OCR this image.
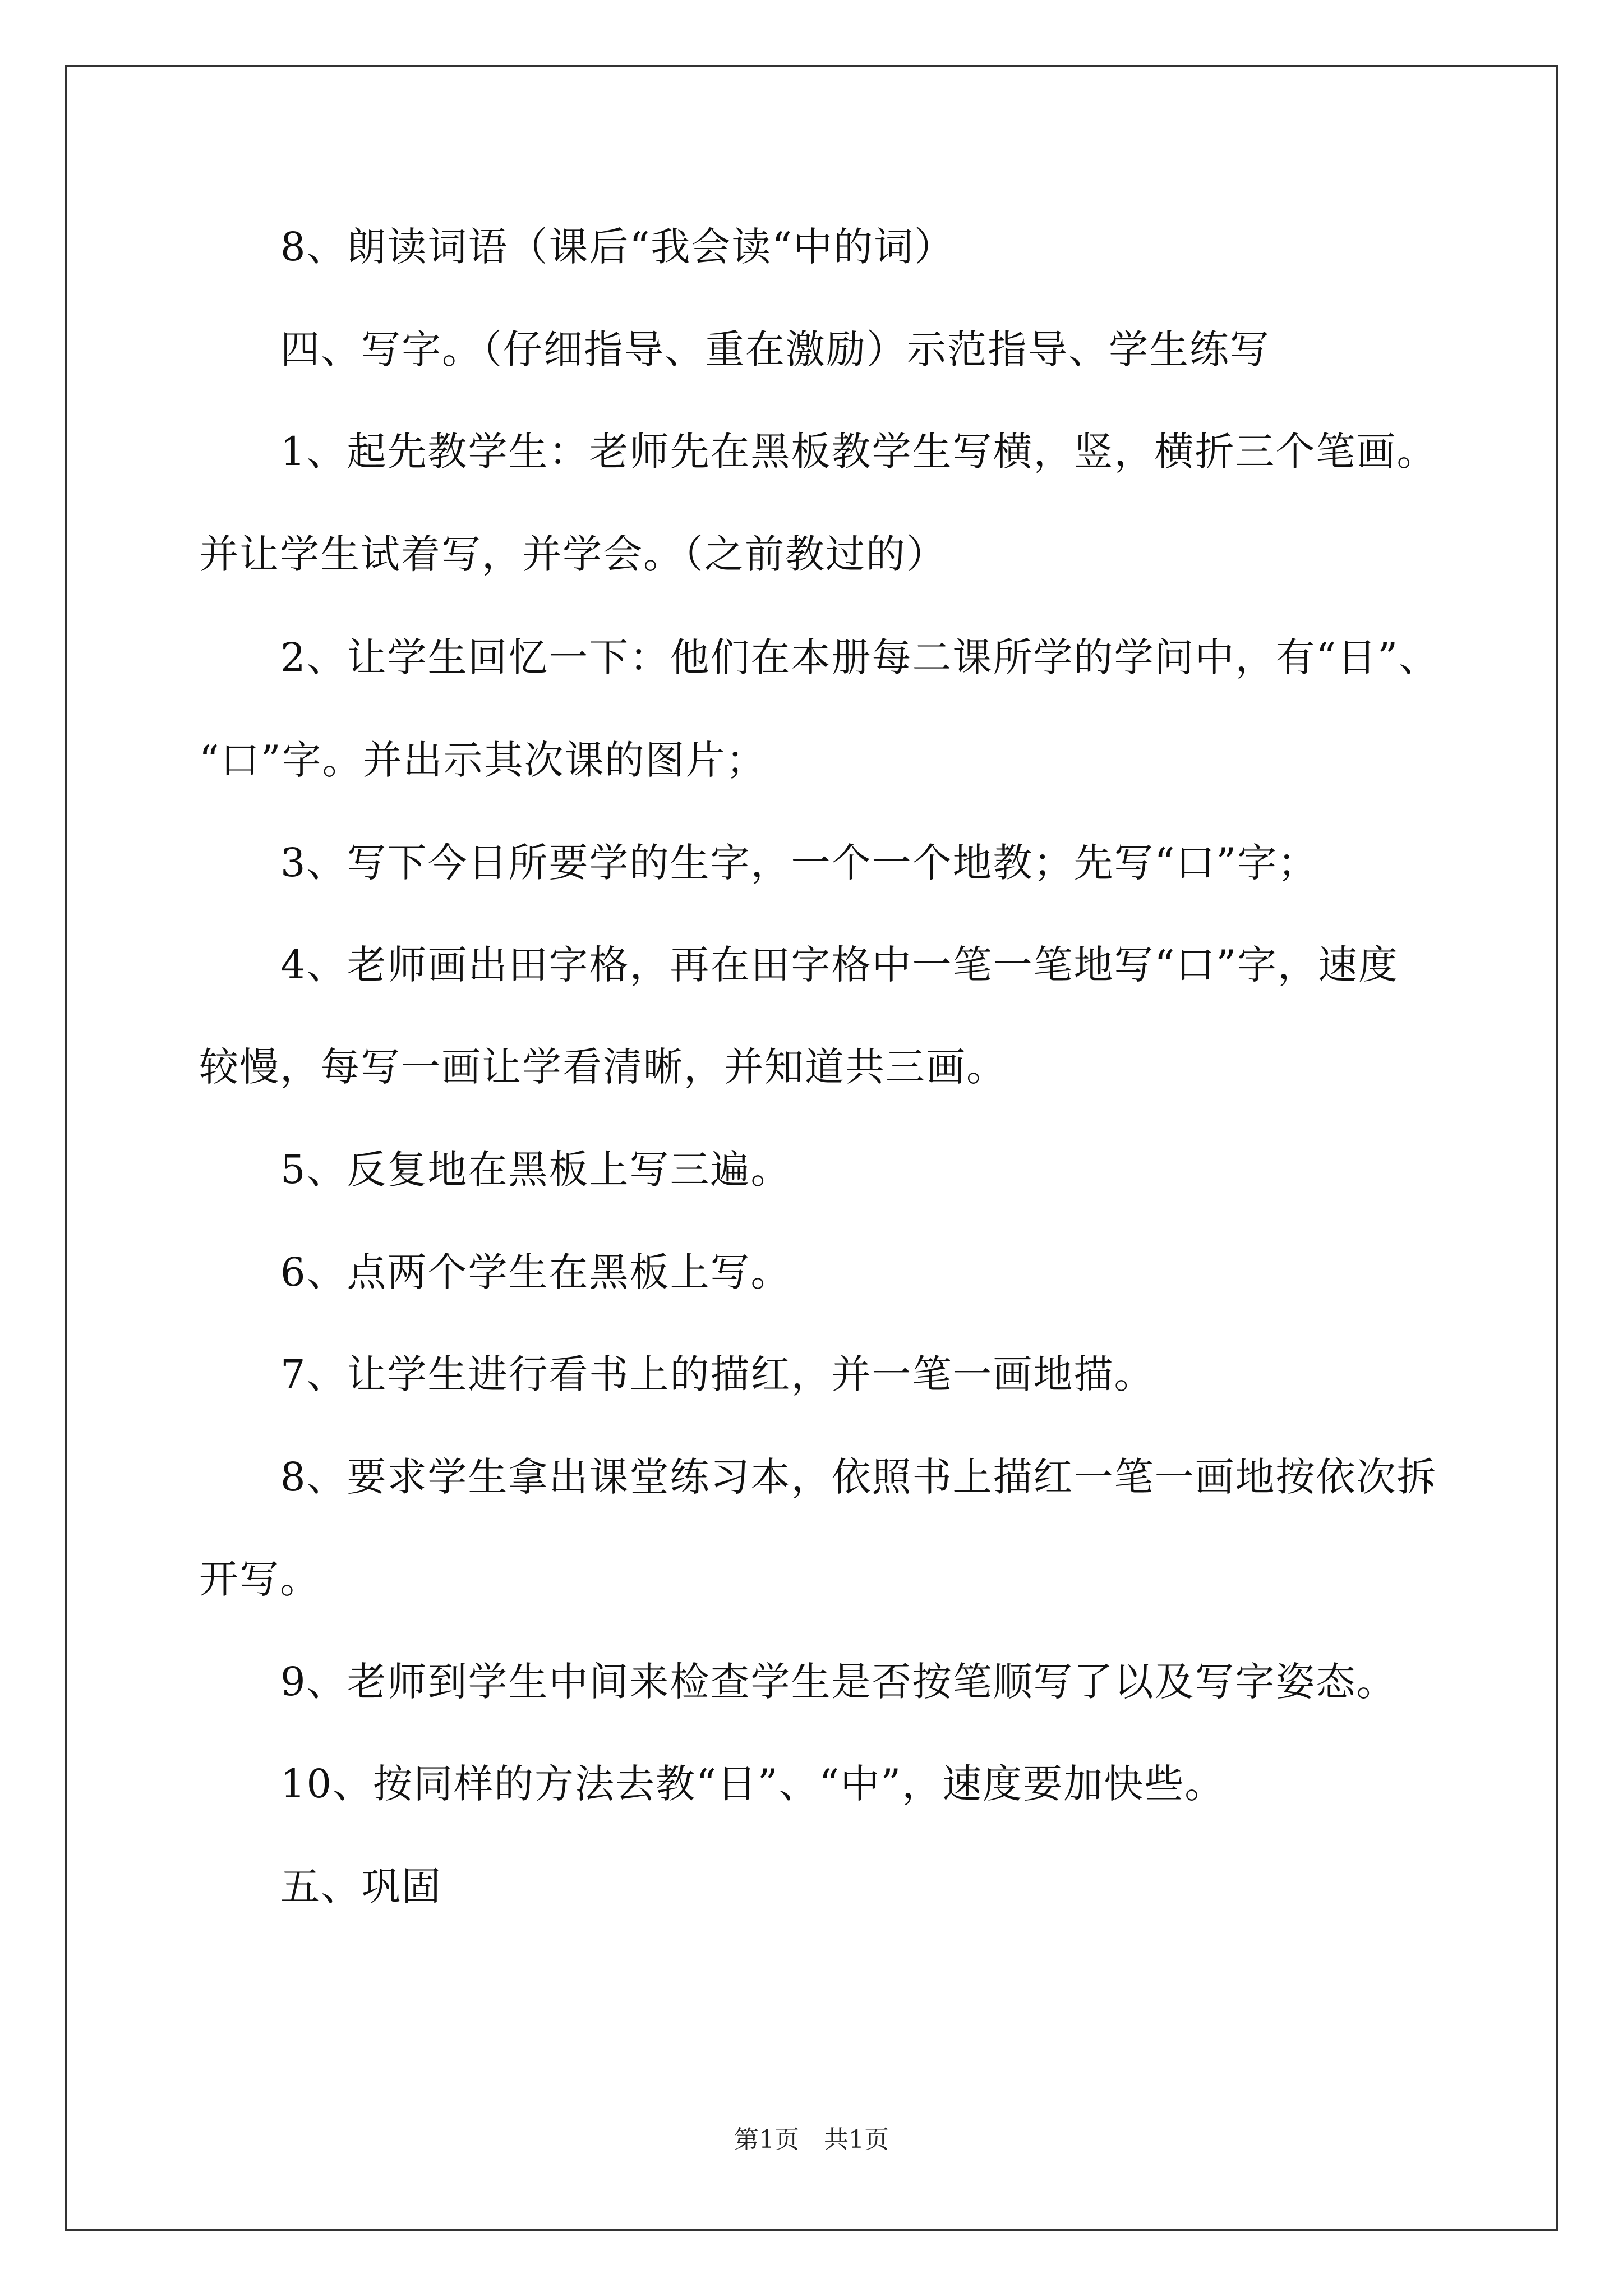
8、朗读词语（课后“我会读“中的词）
四、写字。（仔细指导、重在激励）示范指导、学生练写
1、起先教学生：老师先在黑板教学生写横，竖，横折三个笔画。
并让学生试着写，并学会。（之前教过的）
2、让学生回忆一下：他们在本册每二课所学的学问中，有“日”、
“口”字。并出示其次课的图片；
3、写下今日所要学的生字，一个一个地教；先写“口”字；
4、老师画出田字格，再在田字格中一笔一笔地写“口”字，速度
较慢，每写一画让学看清晰，并知道共三画。
5、反复地在黑板上写三遍。
6、点两个学生在黑板上写。
7、让学生进行看书上的描红，并一笔一画地描。
8、要求学生拿出课堂练习本，依照书上描红一笔一画地按依次拆
开写。
9、老师到学生中间来检查学生是否按笔顺写了以及写字姿态。
10、按同样的方法去教“日”、“中”，速度要加快些。
五、巩固
第1页　共1页
